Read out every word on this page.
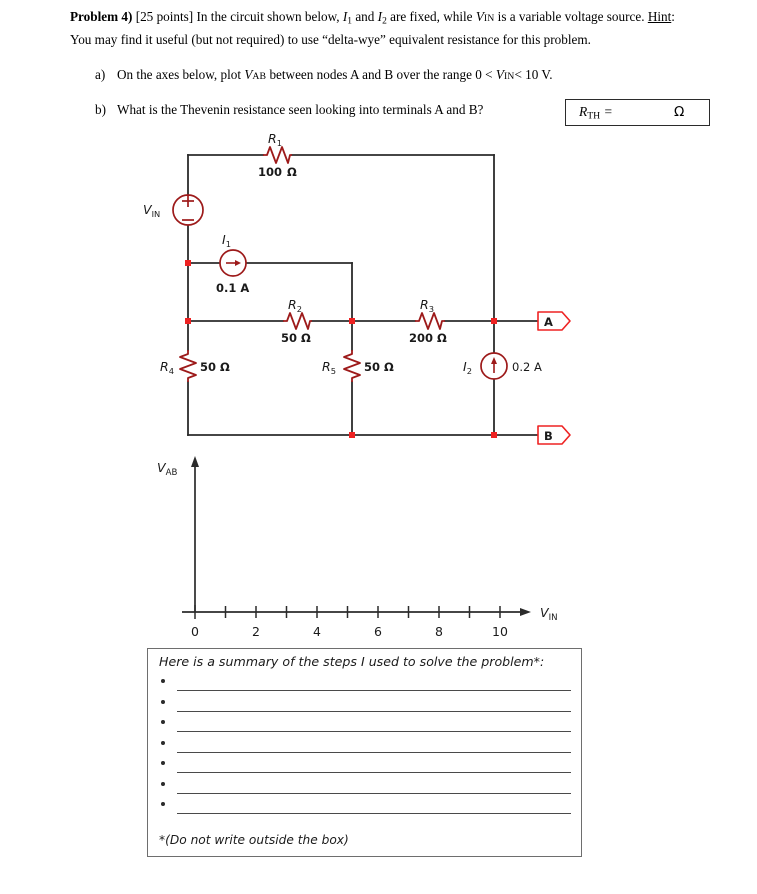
Problem 4) [25 points] In the circuit shown below, $I_1$ and $I_2$ are fixed, while VIN is a variable voltage source. Hint: You may find it useful (but not required) to use “delta-wye” equivalent resistance for this problem.
a) On the axes below, plot VAB between nodes A and B over the range 0 < VIN< 10 V.
b) What is the Thevenin resistance seen looking into terminals A and B?	$R_{TH}$ =	Ω
$V_{IN}$
$I_1$
0.1 A
$I_2$	0.2 A
$R_1$
100 Ω
$R_2$
50 Ω
$R_3$
200 Ω
$R_4$ 50 Ω	$R_5$ 50 Ω
A
B
0	2	4	6	8	10
$V_{AB}$
$V_{IN}$
Here is a summary of the steps I used to solve the problem*:
*(Do not write outside the box)
